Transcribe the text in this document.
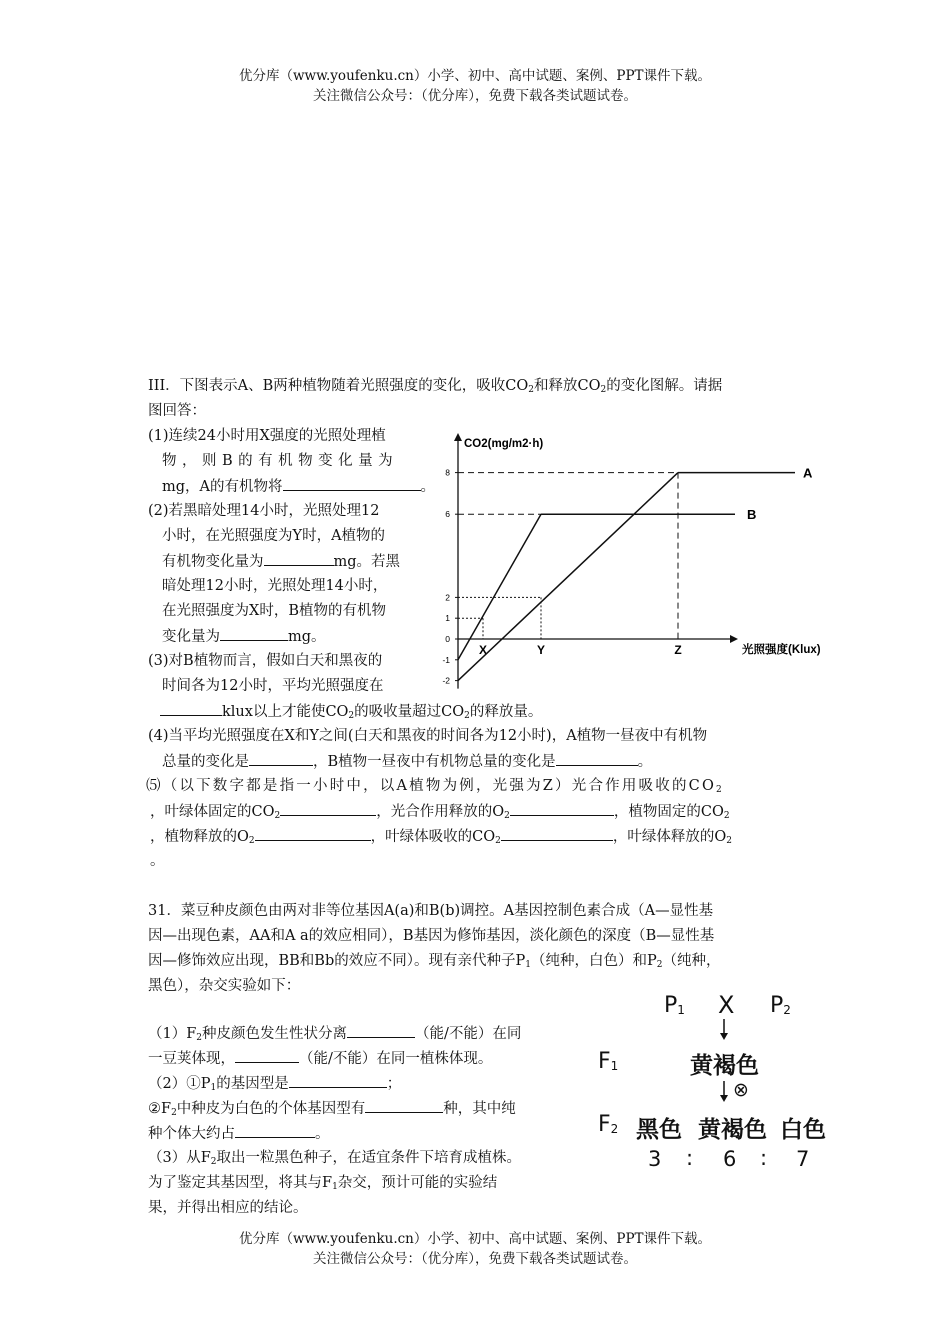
优分库（www.youfenku.cn）小学、初中、高中试题、案例、PPT课件下载。
关注微信公众号：（优分库），免费下载各类试题试卷。
III．下图表示A、B两种植物随着光照强度的变化，吸收$CO_2$和释放$CO_2$的变化图解。请据
图回答：
(1)连续24小时用X强度的光照处理植
物，则B的有机物变化量为
mg，A的有机物将	。
(2)若黑暗处理14小时，光照处理12
小时，在光照强度为Y时，A植物的
有机物变化量为	mg。若黑
暗处理12小时，光照处理14小时，
在光照强度为X时，B植物的有机物
变化量为	mg。
(3)对B植物而言，假如白天和黑夜的
时间各为12小时，平均光照强度在
klux以上才能使$CO_2$的吸收量超过$CO_2$的释放量。
(4)当平均光照强度在X和Y之间(白天和黑夜的时间各为12小时)，A植物一昼夜中有机物
总量的变化是	，B植物一昼夜中有机物总量的变化是	。
⑸（以下数字都是指一小时中，以A植物为例，光强为Z）光合作用吸收的$CO_2$
，叶绿体固定的$CO_2$	，光合作用释放的$O_2$	，植物固定的$CO_2$
，植物释放的$O_2$	，叶绿体吸收的$CO_2$	，叶绿体释放的$O_2$
。
CO2(mg/m2·h)
光照强度(Klux)
8
6
2
1
0
-1
-2
X	Y	Z
A
B
31．菜豆种皮颜色由两对非等位基因A(a)和B(b)调控。A基因控制色素合成（A—显性基
因—出现色素，AA和A a的效应相同），B基因为修饰基因，淡化颜色的深度（B—显性基
因—修饰效应出现，BB和Bb的效应不同）。现有亲代种子$P_1$（纯种，白色）和$P_2$（纯种，
黑色），杂交实验如下：
$(1)F_2$种皮颜色发生性状分离	（能/不能）在同
一豆荚体现，	（能/不能）在同一植株体现。
$(2)①P_1$的基因型是	；
$②F_2$中种皮为白色的个体基因型有	种，其中纯
种个体大约占	。
（3）从$F_2$取出一粒黑色种子，在适宜条件下培育成植株。
为了鉴定其基因型，将其与$F_1$杂交，预计可能的实验结
果，并得出相应的结论。
$P_1$ X $P_2$
$F_1$	黄褐色
⊗
$F_2$ 黑色 黄褐色 白色
3 : 6 : 7
优分库（www.youfenku.cn）小学、初中、高中试题、案例、PPT课件下载。
关注微信公众号：（优分库），免费下载各类试题试卷。
